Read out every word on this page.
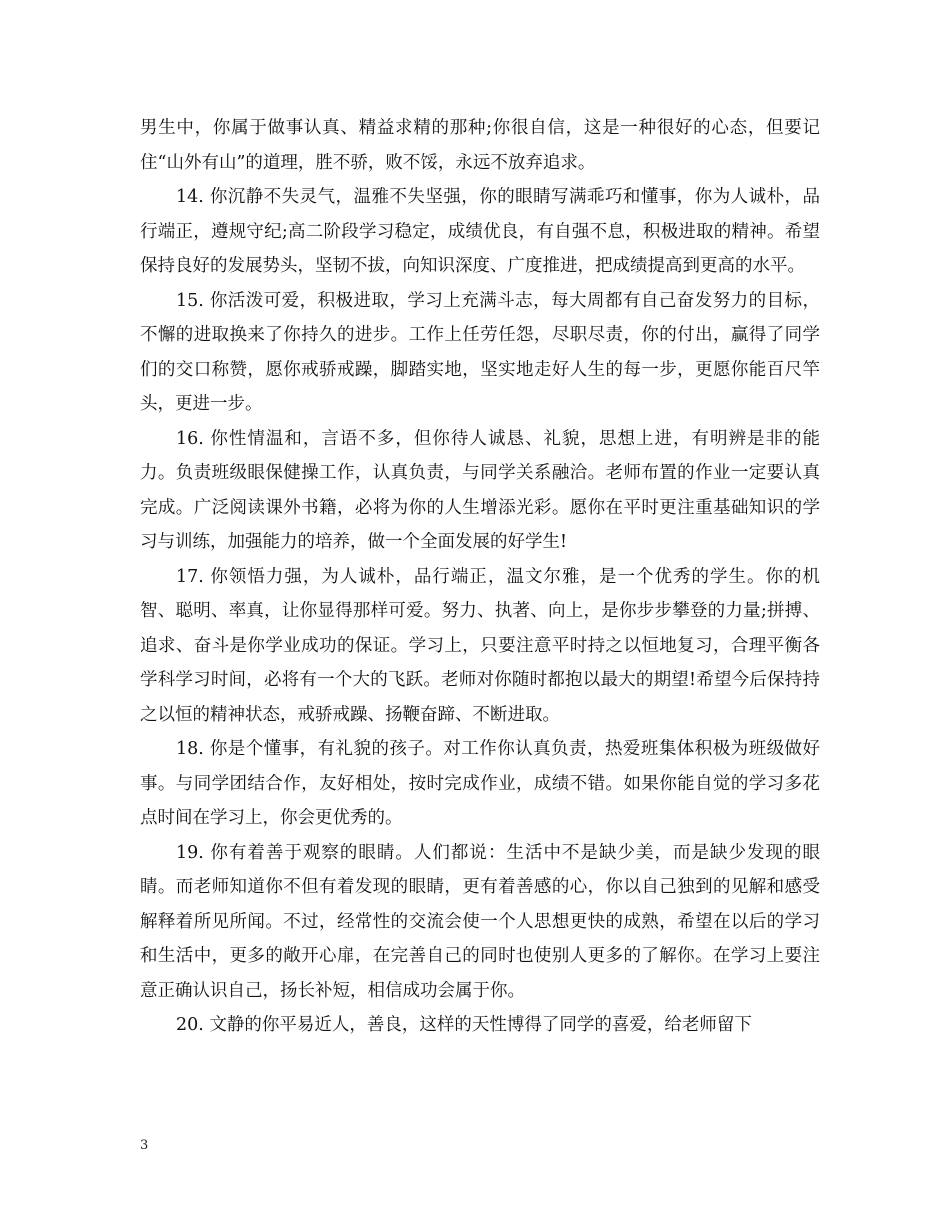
男生中，你属于做事认真、精益求精的那种;你很自信，这是一种很好的心态，但要记住“山外有山”的道理，胜不骄，败不馁，永远不放弃追求。

14. 你沉静不失灵气，温雅不失坚强，你的眼睛写满乖巧和懂事，你为人诚朴，品行端正，遵规守纪;高二阶段学习稳定，成绩优良，有自强不息，积极进取的精神。希望保持良好的发展势头，坚韧不拔，向知识深度、广度推进，把成绩提高到更高的水平。

15. 你活泼可爱，积极进取，学习上充满斗志，每大周都有自己奋发努力的目标，不懈的进取换来了你持久的进步。工作上任劳任怨，尽职尽责，你的付出，赢得了同学们的交口称赞，愿你戒骄戒躁，脚踏实地，坚实地走好人生的每一步，更愿你能百尺竿头，更进一步。

16. 你性情温和，言语不多，但你待人诚恳、礼貌，思想上进，有明辨是非的能力。负责班级眼保健操工作，认真负责，与同学关系融洽。老师布置的作业一定要认真完成。广泛阅读课外书籍，必将为你的人生增添光彩。愿你在平时更注重基础知识的学习与训练，加强能力的培养，做一个全面发展的好学生!

17. 你领悟力强，为人诚朴，品行端正，温文尔雅，是一个优秀的学生。你的机智、聪明、率真，让你显得那样可爱。努力、执著、向上，是你步步攀登的力量;拼搏、追求、奋斗是你学业成功的保证。学习上，只要注意平时持之以恒地复习，合理平衡各学科学习时间，必将有一个大的飞跃。老师对你随时都抱以最大的期望!希望今后保持持之以恒的精神状态，戒骄戒躁、扬鞭奋蹄、不断进取。

18. 你是个懂事，有礼貌的孩子。对工作你认真负责，热爱班集体积极为班级做好事。与同学团结合作，友好相处，按时完成作业，成绩不错。如果你能自觉的学习多花点时间在学习上，你会更优秀的。

19. 你有着善于观察的眼睛。人们都说：生活中不是缺少美，而是缺少发现的眼睛。而老师知道你不但有着发现的眼睛，更有着善感的心，你以自己独到的见解和感受解释着所见所闻。不过，经常性的交流会使一个人思想更快的成熟，希望在以后的学习和生活中，更多的敞开心扉，在完善自己的同时也使别人更多的了解你。在学习上要注意正确认识自己，扬长补短，相信成功会属于你。

20. 文静的你平易近人，善良，这样的天性博得了同学的喜爱，给老师留下

3
